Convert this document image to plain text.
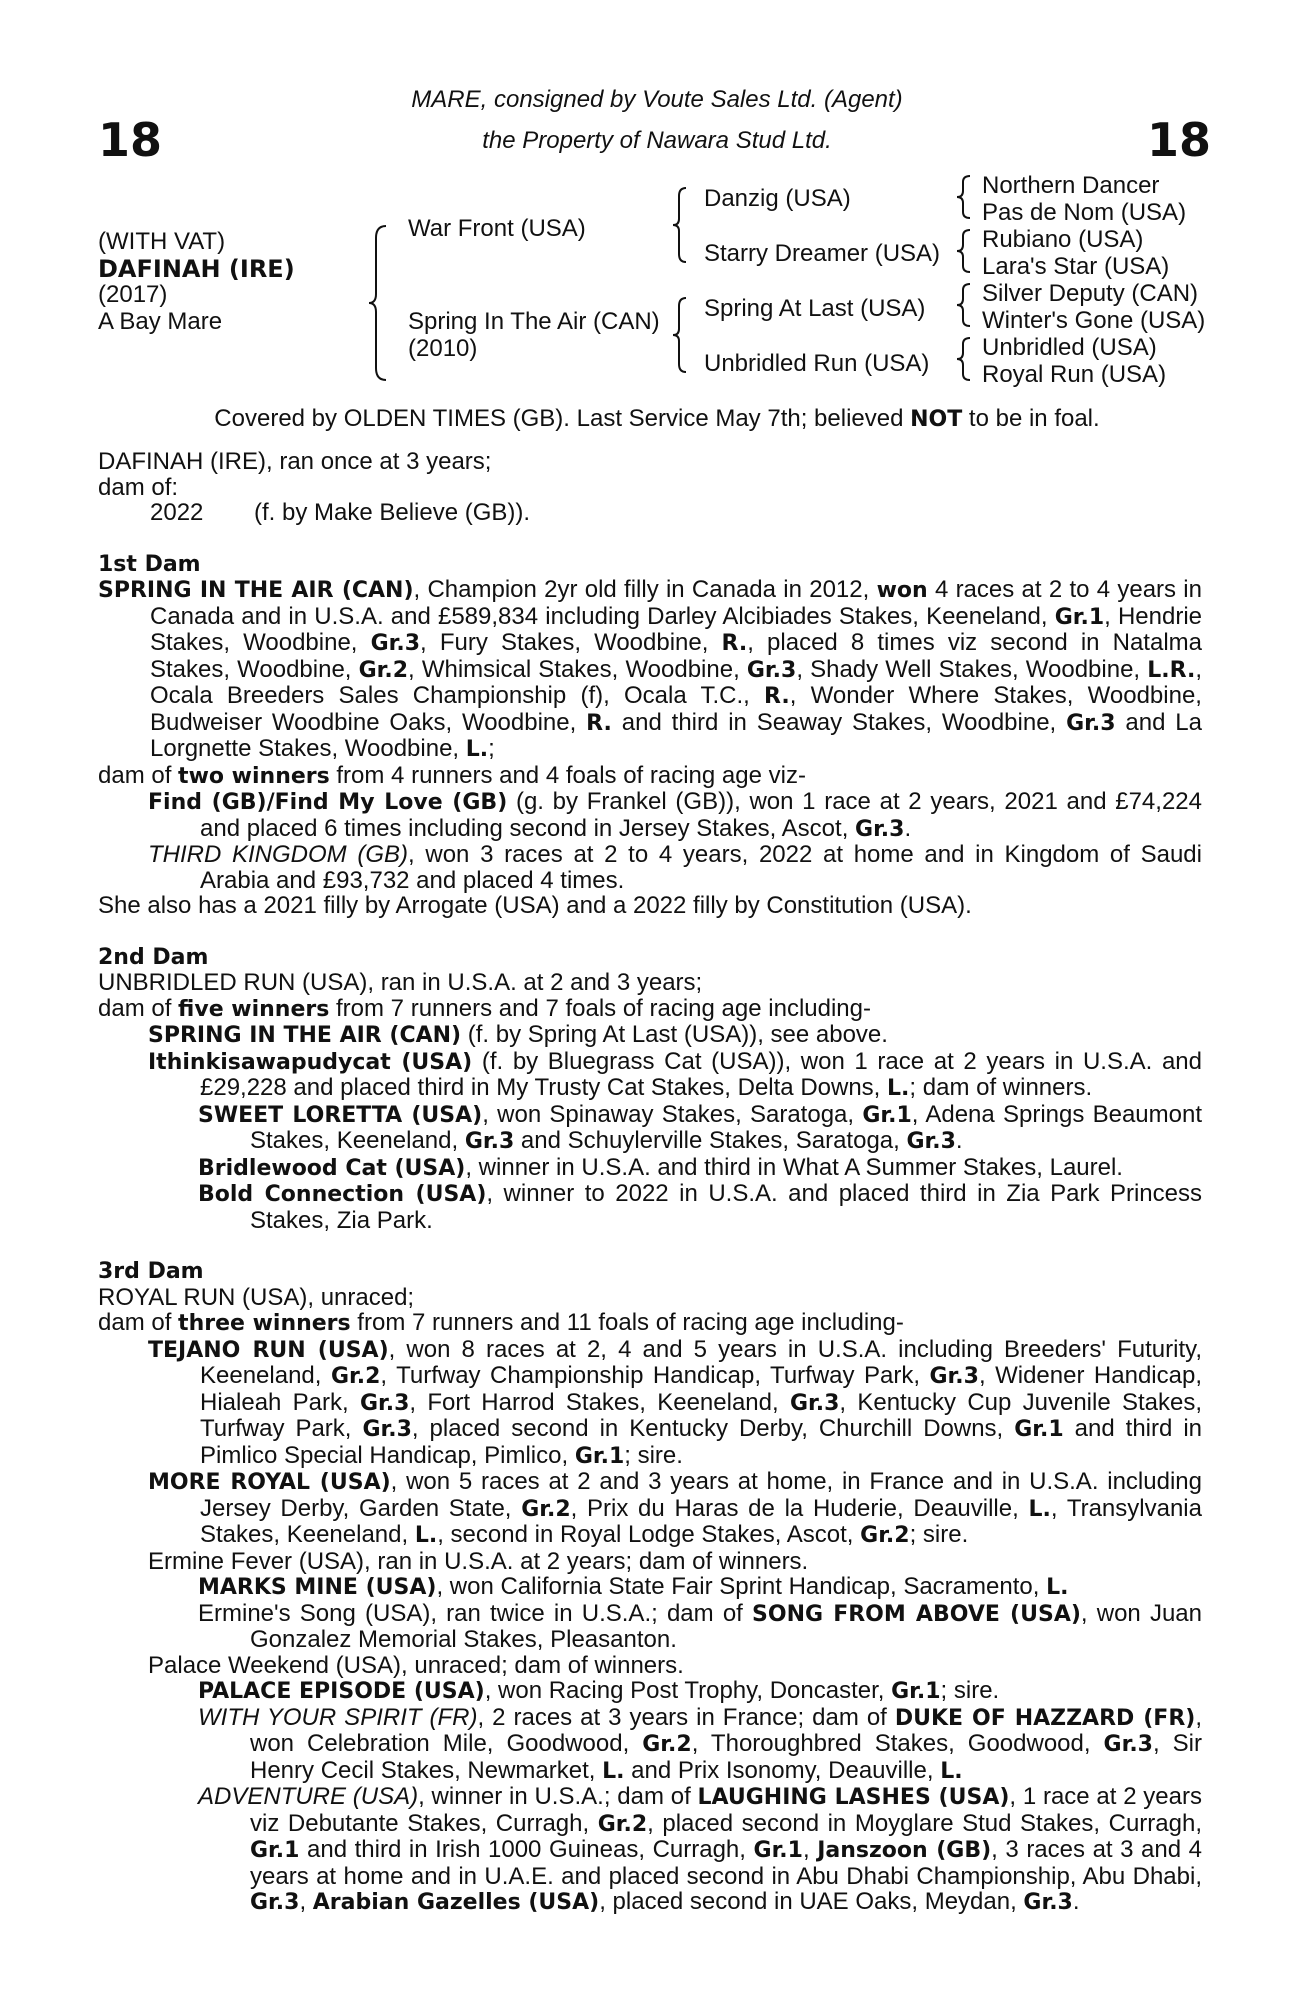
18	18
MARE, consigned by Voute Sales Ltd. (Agent)
the Property of Nawara Stud Ltd.
(WITH VAT)
DAFINAH (IRE)
(2017)
A Bay Mare
War Front (USA)
Spring In The Air (CAN)
(2010)
Danzig (USA)
Starry Dreamer (USA)
Spring At Last (USA)
Unbridled Run (USA)
Northern Dancer
Pas de Nom (USA)
Rubiano (USA)
Lara's Star (USA)
Silver Deputy (CAN)
Winter's Gone (USA)
Unbridled (USA)
Royal Run (USA)
Covered by OLDEN TIMES (GB). Last Service May 7th; believed NOT to be in foal.

DAFINAH (IRE), ran once at 3 years;

dam of:

2022 (f. by Make Believe (GB)).

1st Dam

SPRING IN THE AIR (CAN), Champion 2yr old filly in Canada in 2012, won 4 races at 2 to 4 years in Canada and in U.S.A. and £589,834 including Darley Alcibiades Stakes, Keeneland, Gr.1, Hendrie Stakes, Woodbine, Gr.3, Fury Stakes, Woodbine, R., placed 8 times viz second in Natalma Stakes, Woodbine, Gr.2, Whimsical Stakes, Woodbine, Gr.3, Shady Well Stakes, Woodbine, L.R., Ocala Breeders Sales Championship (f), Ocala T.C., R., Wonder Where Stakes, Woodbine, Budweiser Woodbine Oaks, Woodbine, R. and third in Seaway Stakes, Woodbine, Gr.3 and La Lorgnette Stakes, Woodbine, L.;

dam of two winners from 4 runners and 4 foals of racing age viz-

Find (GB)/Find My Love (GB) (g. by Frankel (GB)), won 1 race at 2 years, 2021 and £74,224 and placed 6 times including second in Jersey Stakes, Ascot, Gr.3.

THIRD KINGDOM (GB), won 3 races at 2 to 4 years, 2022 at home and in Kingdom of Saudi Arabia and £93,732 and placed 4 times.

She also has a 2021 filly by Arrogate (USA) and a 2022 filly by Constitution (USA).

2nd Dam

UNBRIDLED RUN (USA), ran in U.S.A. at 2 and 3 years;

dam of five winners from 7 runners and 7 foals of racing age including-

SPRING IN THE AIR (CAN) (f. by Spring At Last (USA)), see above.

Ithinkisawapudycat (USA) (f. by Bluegrass Cat (USA)), won 1 race at 2 years in U.S.A. and £29,228 and placed third in My Trusty Cat Stakes, Delta Downs, L.; dam of winners.

SWEET LORETTA (USA), won Spinaway Stakes, Saratoga, Gr.1, Adena Springs Beaumont Stakes, Keeneland, Gr.3 and Schuylerville Stakes, Saratoga, Gr.3.

Bridlewood Cat (USA), winner in U.S.A. and third in What A Summer Stakes, Laurel.

Bold Connection (USA), winner to 2022 in U.S.A. and placed third in Zia Park Princess Stakes, Zia Park.

3rd Dam

ROYAL RUN (USA), unraced;

dam of three winners from 7 runners and 11 foals of racing age including-

TEJANO RUN (USA), won 8 races at 2, 4 and 5 years in U.S.A. including Breeders' Futurity, Keeneland, Gr.2, Turfway Championship Handicap, Turfway Park, Gr.3, Widener Handicap, Hialeah Park, Gr.3, Fort Harrod Stakes, Keeneland, Gr.3, Kentucky Cup Juvenile Stakes, Turfway Park, Gr.3, placed second in Kentucky Derby, Churchill Downs, Gr.1 and third in Pimlico Special Handicap, Pimlico, Gr.1; sire.

MORE ROYAL (USA), won 5 races at 2 and 3 years at home, in France and in U.S.A. including Jersey Derby, Garden State, Gr.2, Prix du Haras de la Huderie, Deauville, L., Transylvania Stakes, Keeneland, L., second in Royal Lodge Stakes, Ascot, Gr.2; sire.

Ermine Fever (USA), ran in U.S.A. at 2 years; dam of winners.

MARKS MINE (USA), won California State Fair Sprint Handicap, Sacramento, L.

Ermine's Song (USA), ran twice in U.S.A.; dam of SONG FROM ABOVE (USA), won Juan Gonzalez Memorial Stakes, Pleasanton.

Palace Weekend (USA), unraced; dam of winners.

PALACE EPISODE (USA), won Racing Post Trophy, Doncaster, Gr.1; sire.

WITH YOUR SPIRIT (FR), 2 races at 3 years in France; dam of DUKE OF HAZZARD (FR), won Celebration Mile, Goodwood, Gr.2, Thoroughbred Stakes, Goodwood, Gr.3, Sir Henry Cecil Stakes, Newmarket, L. and Prix Isonomy, Deauville, L.

ADVENTURE (USA), winner in U.S.A.; dam of LAUGHING LASHES (USA), 1 race at 2 years viz Debutante Stakes, Curragh, Gr.2, placed second in Moyglare Stud Stakes, Curragh, Gr.1 and third in Irish 1000 Guineas, Curragh, Gr.1, Janszoon (GB), 3 races at 3 and 4 years at home and in U.A.E. and placed second in Abu Dhabi Championship, Abu Dhabi, Gr.3, Arabian Gazelles (USA), placed second in UAE Oaks, Meydan, Gr.3.
